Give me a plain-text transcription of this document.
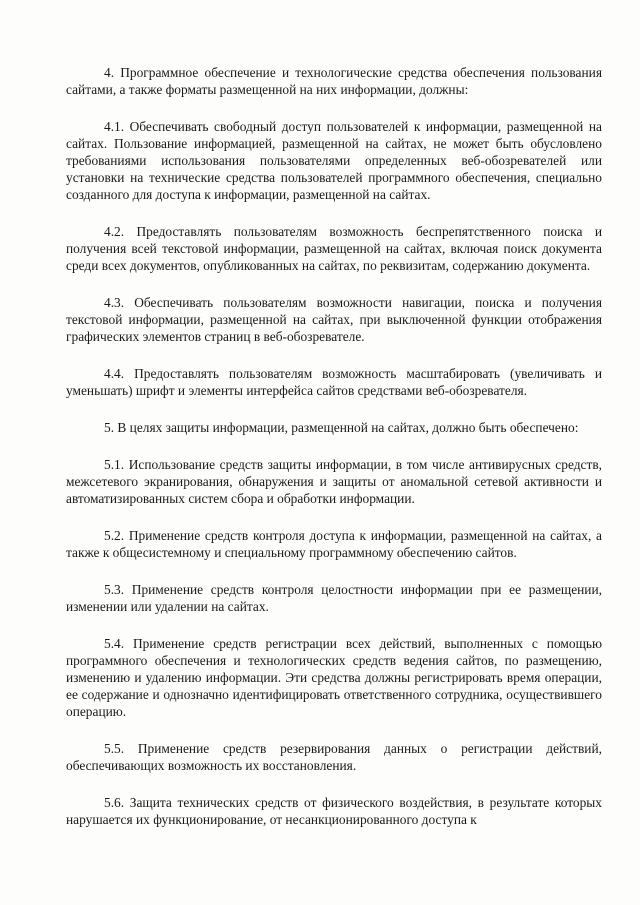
4. Программное обеспечение и технологические средства обеспечения пользования сайтами, а также форматы размещенной на них информации, должны:

4.1. Обеспечивать свободный доступ пользователей к информации, размещенной на сайтах. Пользование информацией, размещенной на сайтах, не может быть обусловлено требованиями использования пользователями определенных веб-обозревателей или установки на технические средства пользователей программного обеспечения, специально созданного для доступа к информации, размещенной на сайтах.

4.2. Предоставлять пользователям возможность беспрепятственного поиска и получения всей текстовой информации, размещенной на сайтах, включая поиск документа среди всех документов, опубликованных на сайтах, по реквизитам, содержанию документа.

4.3. Обеспечивать пользователям возможности навигации, поиска и получения текстовой информации, размещенной на сайтах, при выключенной функции отображения графических элементов страниц в веб-обозревателе.

4.4. Предоставлять пользователям возможность масштабировать (увеличивать и уменьшать) шрифт и элементы интерфейса сайтов средствами веб-обозревателя.

5. В целях защиты информации, размещенной на сайтах, должно быть обеспечено:

5.1. Использование средств защиты информации, в том числе антивирусных средств, межсетевого экранирования, обнаружения и защиты от аномальной сетевой активности и автоматизированных систем сбора и обработки информации.

5.2. Применение средств контроля доступа к информации, размещенной на сайтах, а также к общесистемному и специальному программному обеспечению сайтов.

5.3. Применение средств контроля целостности информации при ее размещении, изменении или удалении на сайтах.

5.4. Применение средств регистрации всех действий, выполненных с помощью программного обеспечения и технологических средств ведения сайтов, по размещению, изменению и удалению информации. Эти средства должны регистрировать время операции, ее содержание и однозначно идентифицировать ответственного сотрудника, осуществившего операцию.

5.5. Применение средств резервирования данных о регистрации действий, обеспечивающих возможность их восстановления.

5.6. Защита технических средств от физического воздействия, в результате которых нарушается их функционирование, от несанкционированного доступа к
